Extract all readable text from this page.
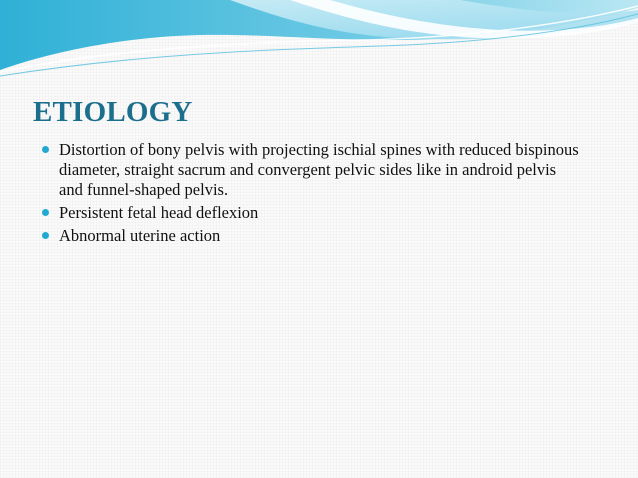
ETIOLOGY
Distortion of bony pelvis with projecting ischial spines with reduced bispinous diameter, straight sacrum and convergent pelvic sides like in android pelvis and funnel-shaped pelvis.
Persistent fetal head deflexion
Abnormal uterine action
